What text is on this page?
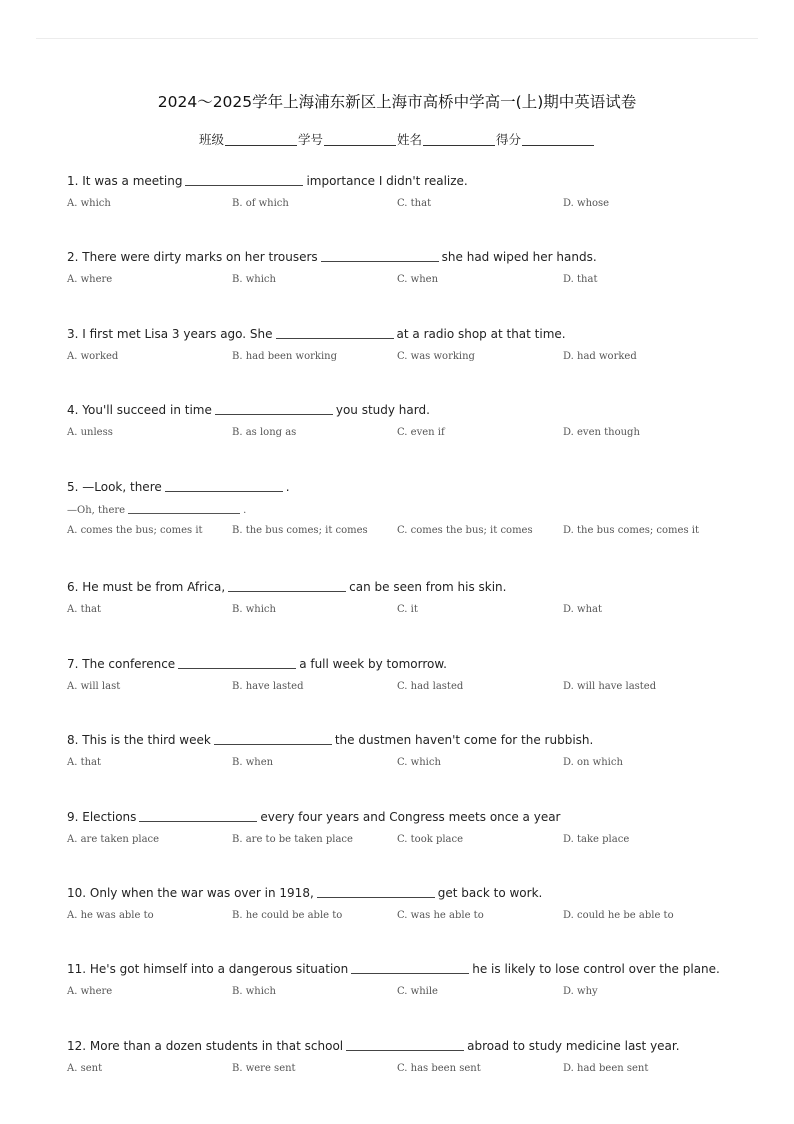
2024～2025学年上海浦东新区上海市高桥中学高一(上)期中英语试卷
班级	学号	姓名	得分
1. It was a meeting	importance I didn't realize.
A. which	B. of which	C. that	D. whose
2. There were dirty marks on her trousers	she had wiped her hands.
A. where	B. which	C. when	D. that
3. I first met Lisa 3 years ago. She	at a radio shop at that time.
A. worked	B. had been working	C. was working	D. had worked
4. You'll succeed in time	you study hard.
A. unless	B. as long as	C. even if	D. even though
5. —Look, there	.
—Oh, there	.
A. comes the bus; comes it	B. the bus comes; it comes	C. comes the bus; it comes	D. the bus comes; comes it
6. He must be from Africa,	can be seen from his skin.
A. that	B. which	C. it	D. what
7. The conference	a full week by tomorrow.
A. will last	B. have lasted	C. had lasted	D. will have lasted
8. This is the third week	the dustmen haven't come for the rubbish.
A. that	B. when	C. which	D. on which
9. Elections	every four years and Congress meets once a year
A. are taken place	B. are to be taken place	C. took place	D. take place
10. Only when the war was over in 1918,	get back to work.
A. he was able to	B. he could be able to	C. was he able to	D. could he be able to
11. He's got himself into a dangerous situation	he is likely to lose control over the plane.
A. where	B. which	C. while	D. why
12. More than a dozen students in that school	abroad to study medicine last year.
A. sent	B. were sent	C. has been sent	D. had been sent
